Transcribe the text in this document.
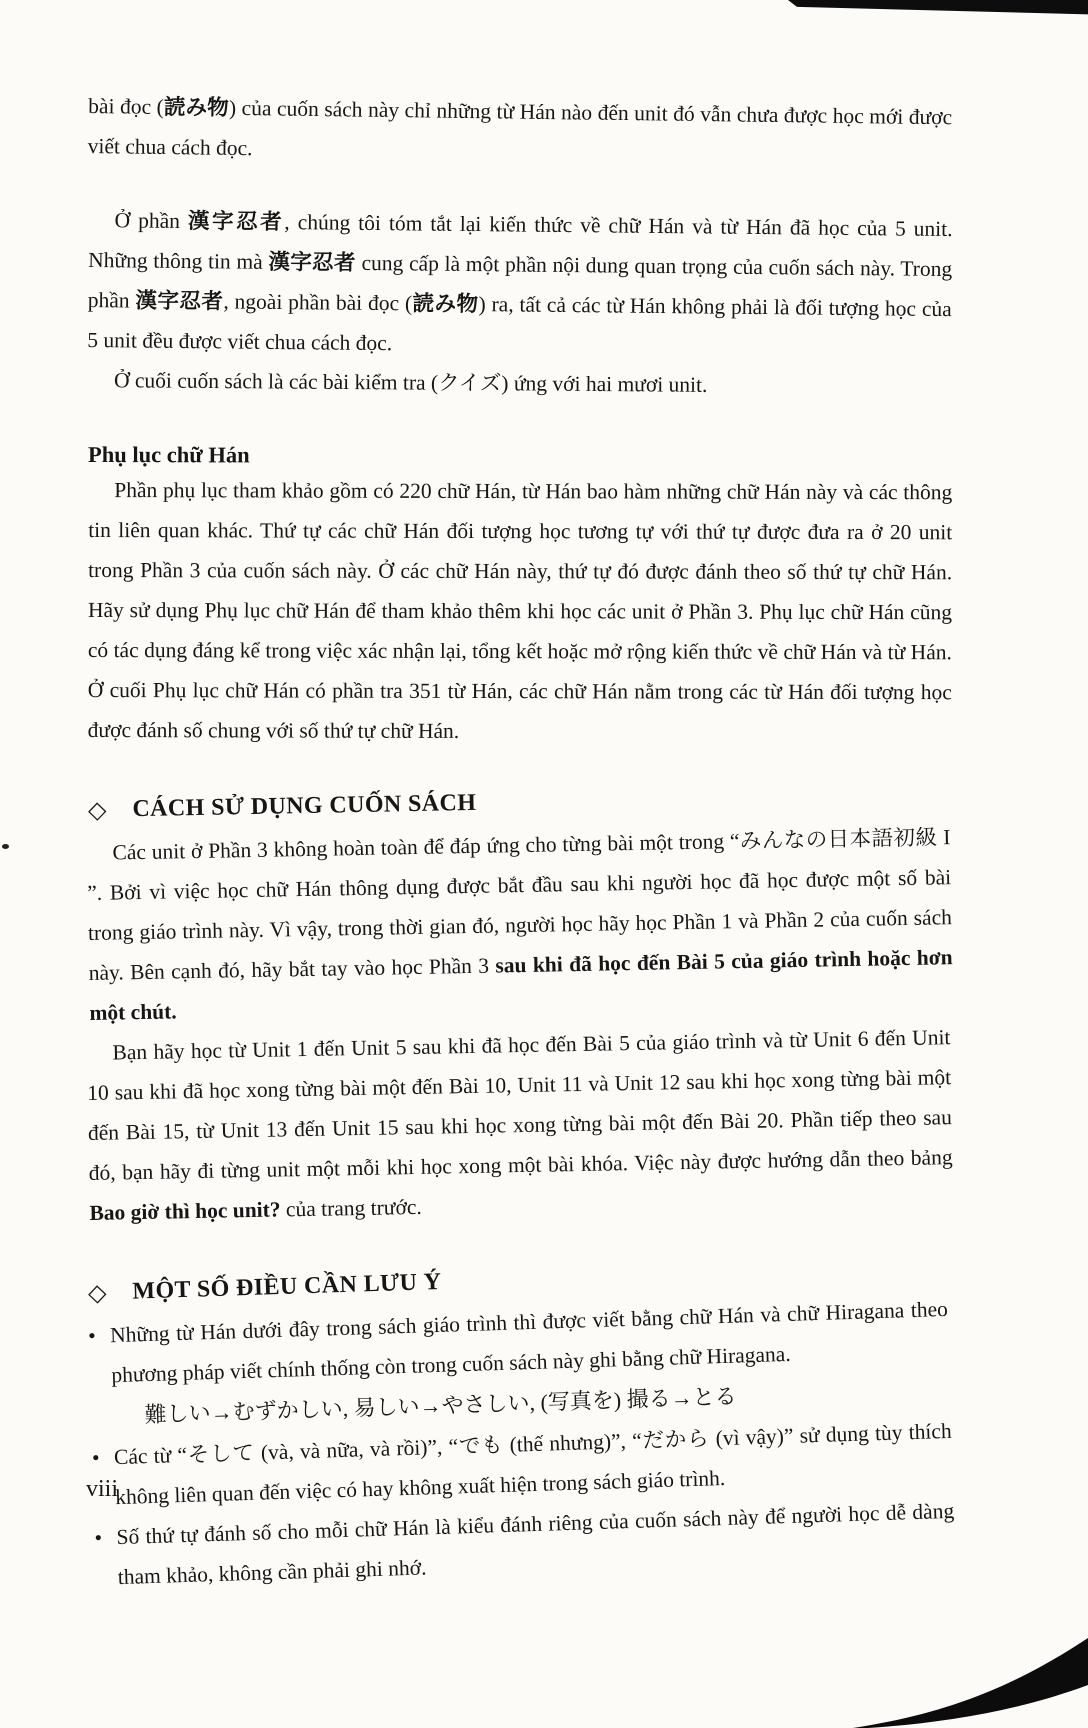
bài đọc (読み物) của cuốn sách này chỉ những từ Hán nào đến unit đó vẫn chưa được học mới được viết chua cách đọc.

Ở phần 漢字忍者, chúng tôi tóm tắt lại kiến thức về chữ Hán và từ Hán đã học của 5 unit. Những thông tin mà 漢字忍者 cung cấp là một phần nội dung quan trọng của cuốn sách này. Trong phần 漢字忍者, ngoài phần bài đọc (読み物) ra, tất cả các từ Hán không phải là đối tượng học của 5 unit đều được viết chua cách đọc.

Ở cuối cuốn sách là các bài kiểm tra (クイズ) ứng với hai mươi unit.

Phụ lục chữ Hán

Phần phụ lục tham khảo gồm có 220 chữ Hán, từ Hán bao hàm những chữ Hán này và các thông tin liên quan khác. Thứ tự các chữ Hán đối tượng học tương tự với thứ tự được đưa ra ở 20 unit trong Phần 3 của cuốn sách này. Ở các chữ Hán này, thứ tự đó được đánh theo số thứ tự chữ Hán. Hãy sử dụng Phụ lục chữ Hán để tham khảo thêm khi học các unit ở Phần 3. Phụ lục chữ Hán cũng có tác dụng đáng kể trong việc xác nhận lại, tổng kết hoặc mở rộng kiến thức về chữ Hán và từ Hán. Ở cuối Phụ lục chữ Hán có phần tra 351 từ Hán, các chữ Hán nằm trong các từ Hán đối tượng học được đánh số chung với số thứ tự chữ Hán.

◇ CÁCH SỬ DỤNG CUỐN SÁCH

Các unit ở Phần 3 không hoàn toàn để đáp ứng cho từng bài một trong “みんなの日本語初級 I ”. Bởi vì việc học chữ Hán thông dụng được bắt đầu sau khi người học đã học được một số bài trong giáo trình này. Vì vậy, trong thời gian đó, người học hãy học Phần 1 và Phần 2 của cuốn sách này. Bên cạnh đó, hãy bắt tay vào học Phần 3 sau khi đã học đến Bài 5 của giáo trình hoặc hơn một chút.

Bạn hãy học từ Unit 1 đến Unit 5 sau khi đã học đến Bài 5 của giáo trình và từ Unit 6 đến Unit 10 sau khi đã học xong từng bài một đến Bài 10, Unit 11 và Unit 12 sau khi học xong từng bài một đến Bài 15, từ Unit 13 đến Unit 15 sau khi học xong từng bài một đến Bài 20. Phần tiếp theo sau đó, bạn hãy đi từng unit một mỗi khi học xong một bài khóa. Việc này được hướng dẫn theo bảng Bao giờ thì học unit? của trang trước.

◇ MỘT SỐ ĐIỀU CẦN LƯU Ý
• Những từ Hán dưới đây trong sách giáo trình thì được viết bằng chữ Hán và chữ Hiragana theo phương pháp viết chính thống còn trong cuốn sách này ghi bằng chữ Hiragana.
難しい→むずかしい, 易しい→やさしい, (写真を) 撮る→とる
• Các từ “そして (và, và nữa, và rồi)”, “でも (thế nhưng)”, “だから (vì vậy)” sử dụng tùy thích không liên quan đến việc có hay không xuất hiện trong sách giáo trình.
• Số thứ tự đánh số cho mỗi chữ Hán là kiểu đánh riêng của cuốn sách này để người học dễ dàng tham khảo, không cần phải ghi nhớ.
viii
